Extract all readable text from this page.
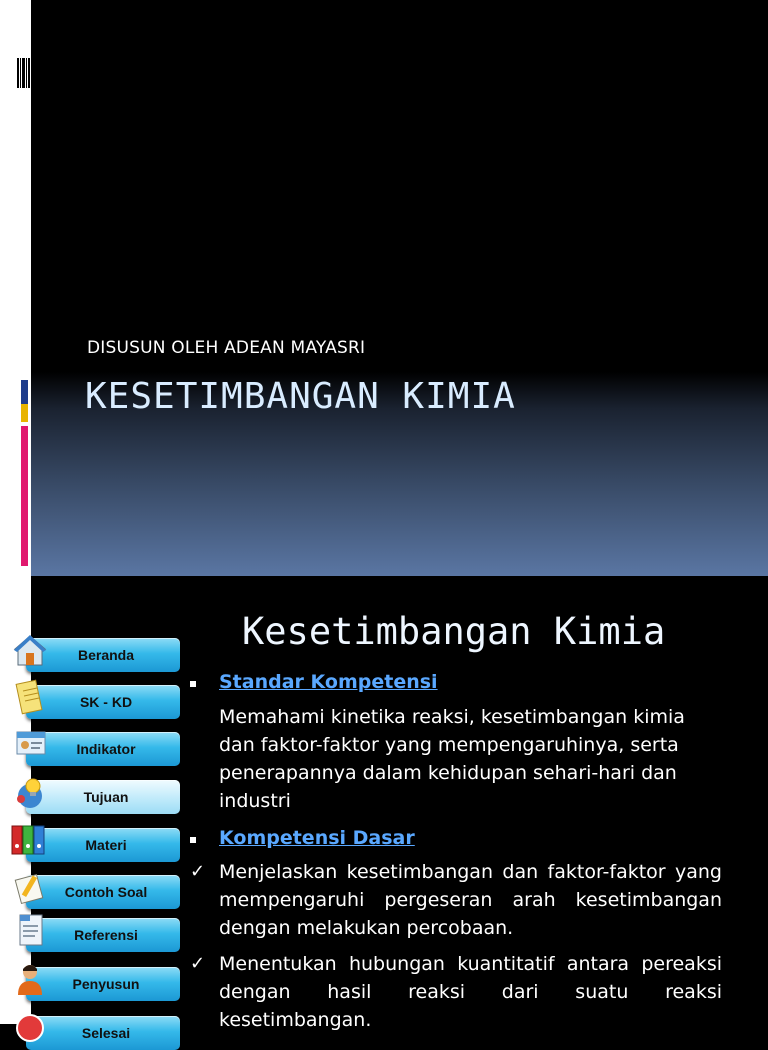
DISUSUN OLEH ADEAN MAYASRI
KESETIMBANGAN KIMIA
Kesetimbangan Kimia
Beranda
SK - KD
Indikator
Tujuan
Materi
Contoh Soal
Referensi
Penyusun
Selesai
Standar Kompetensi
Memahami kinetika reaksi, kesetimbangan kimia
dan faktor-faktor yang mempengaruhinya, serta
penerapannya dalam kehidupan sehari-hari dan
industri
Kompetensi Dasar
✓ Menjelaskan kesetimbangan dan faktor-faktor yang
mempengaruhi pergeseran arah kesetimbangan
dengan melakukan percobaan.
✓ Menentukan hubungan kuantitatif antara pereaksi
dengan hasil reaksi dari suatu reaksi
kesetimbangan.
